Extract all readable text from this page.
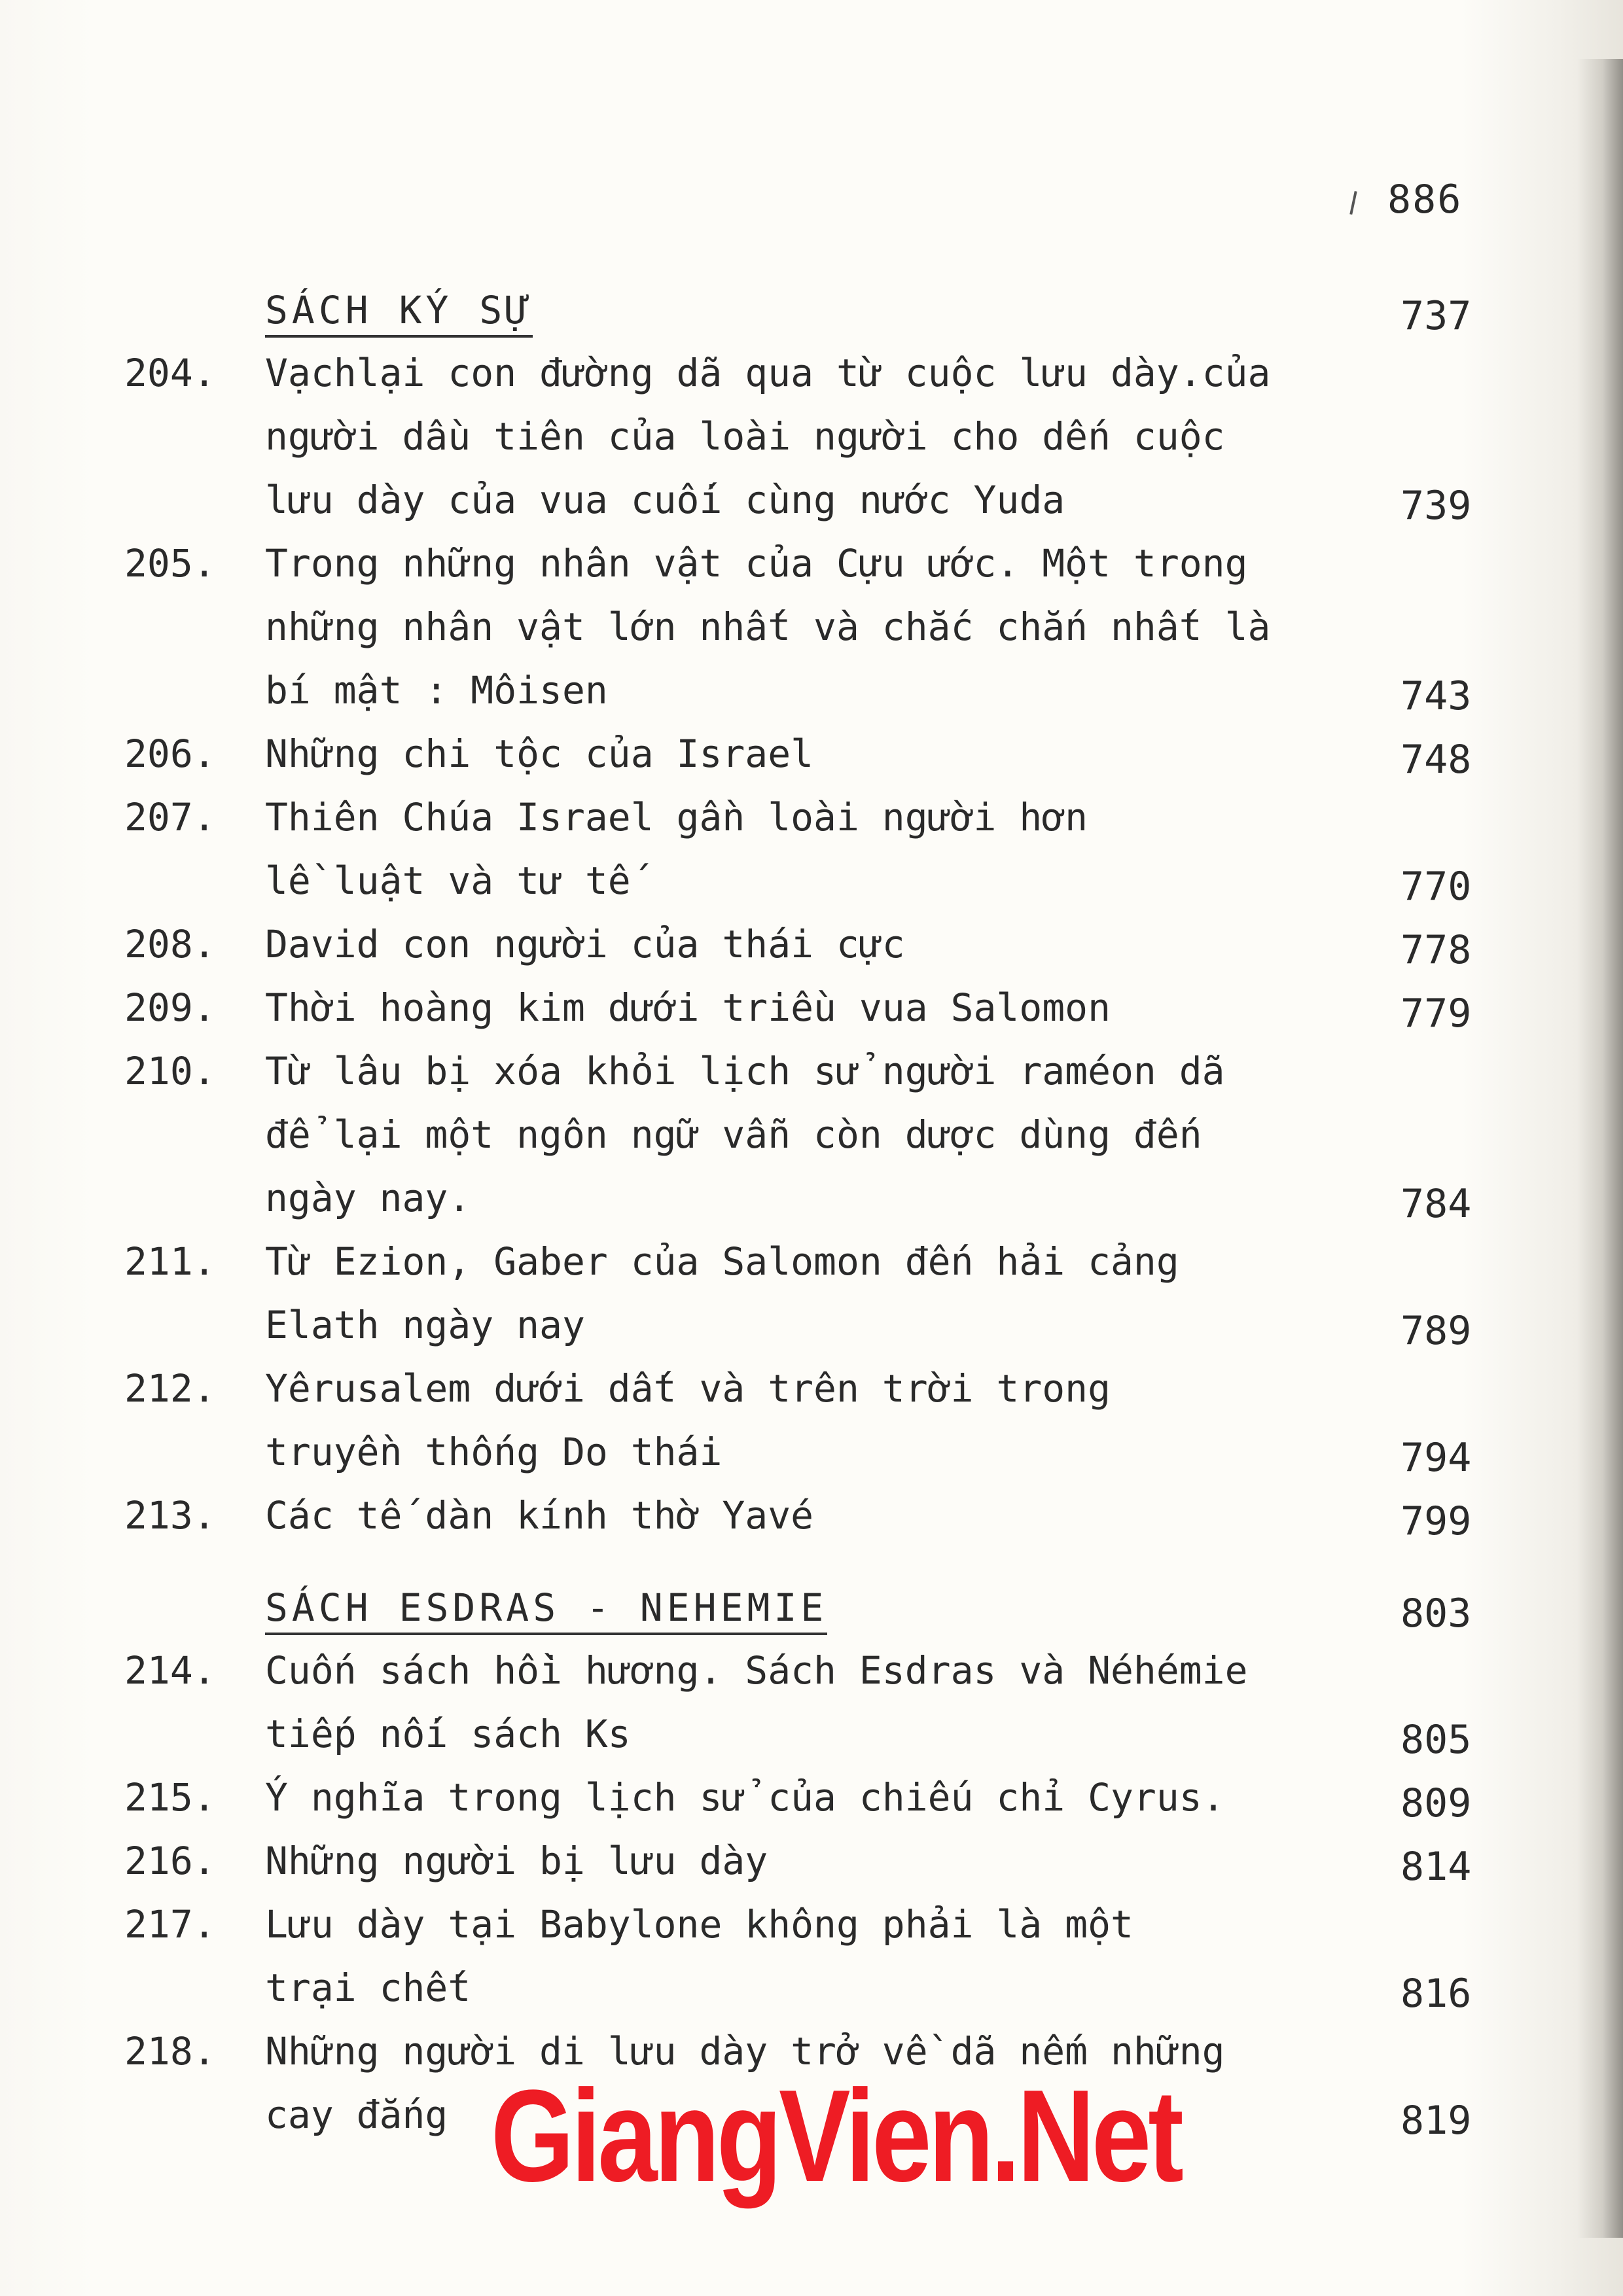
886
SÁCH KÝ SỰ	737
204. Vạchlại con đường dã qua từ cuộc lưu dày.của
người dầu tiên của loài người cho dến cuộc
lưu dày của vua cuối cùng nước Yuda	739
205. Trong những nhân vật của Cựu ước. Một trong
những nhân vật lớn nhất và chắc chắn nhất là
bí mật : Môisen	743
206. Những chi tộc của Israel	748
207. Thiên Chúa Israel gần loài người hơn
lề luật và tư tế	770
208. David con người của thái cực	778
209. Thời hoàng kim dưới triều vua Salomon	779
210. Từ lâu bị xóa khỏi lịch sử người raméon dã
để lại một ngôn ngữ vẫn còn dược dùng đến
ngày nay.	784
211. Từ Ezion, Gaber của Salomon đến hải cảng
Elath ngày nay	789
212. Yêrusalem dưới dất và trên trời trong
truyền thống Do thái	794
213. Các tế dàn kính thờ Yavé	799
SÁCH ESDRAS - NEHEMIE	803
214. Cuốn sách hồi hương. Sách Esdras và Néhémie
tiếp nối sách Ks	805
215. Ý nghĩa trong lịch sử của chiếu chỉ Cyrus.	809
216. Những người bị lưu dày	814
217. Lưu dày tại Babylone không phải là một
trại chết	816
218. Những người di lưu dày trở về dã nếm những
cay đắng	819
GiangVien.Net
